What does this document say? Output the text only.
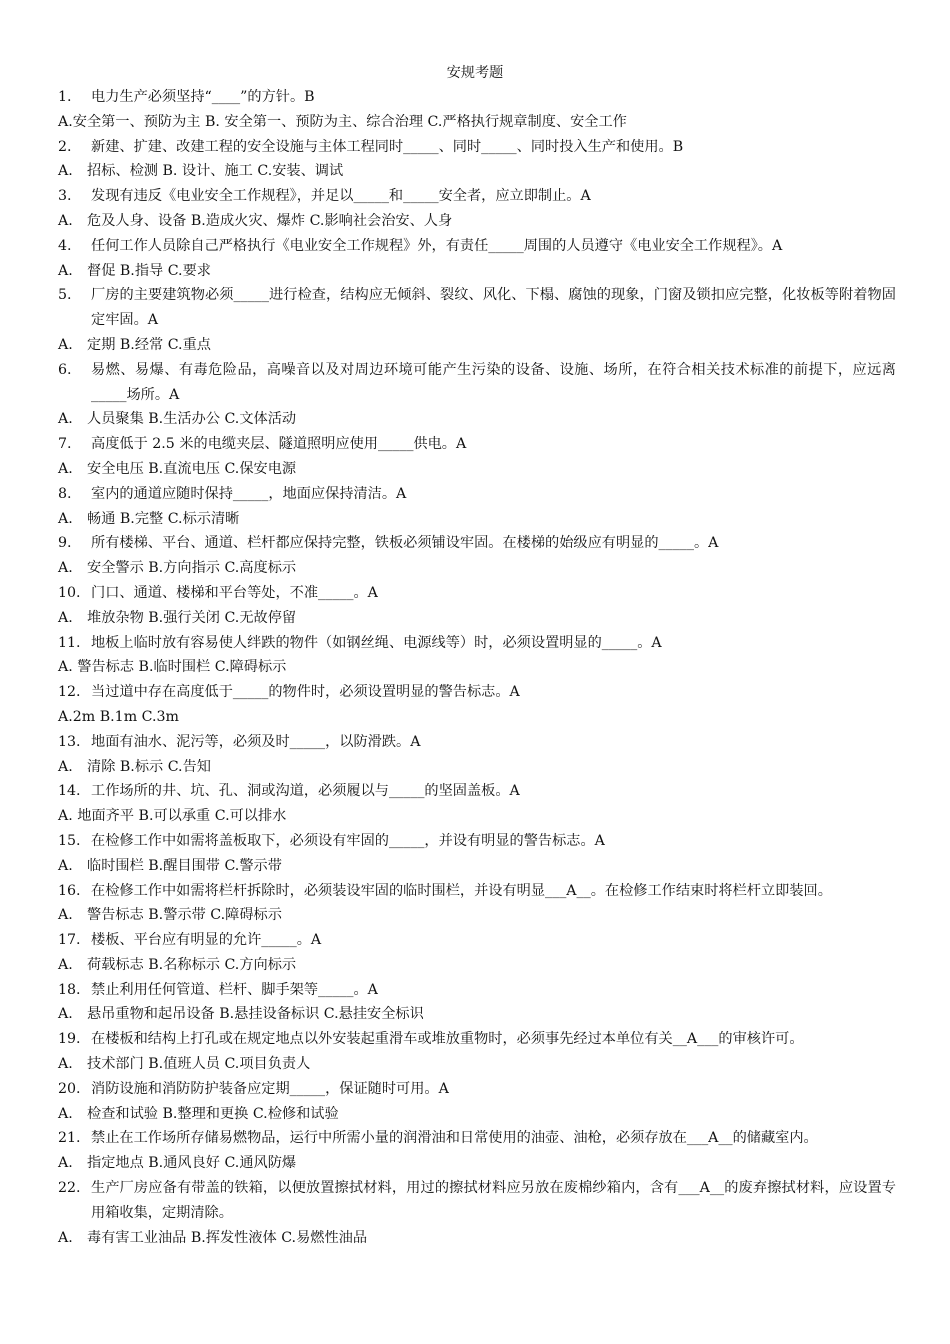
安规考题
1.	电力生产必须坚持“____”的方针。B
A.安全第一、预防为主 B. 安全第一、预防为主、综合治理 C.严格执行规章制度、安全工作
2.	新建、扩建、改建工程的安全设施与主体工程同时_____、同时_____、同时投入生产和使用。B
A. 招标、检测 B. 设计、施工 C.安装、调试
3.	发现有违反《电业安全工作规程》，并足以_____和_____安全者，应立即制止。A
A. 危及人身、设备 B.造成火灾、爆炸 C.影响社会治安、人身
4.	任何工作人员除自己严格执行《电业安全工作规程》外，有责任_____周围的人员遵守《电业安全工作规程》。A
A. 督促 B.指导 C.要求
5.	厂房的主要建筑物必须_____进行检查，结构应无倾斜、裂纹、风化、下榻、腐蚀的现象，门窗及锁扣应完整，化妆板等附着物固定牢固。A
A. 定期 B.经常 C.重点
6.	易燃、易爆、有毒危险品，高噪音以及对周边环境可能产生污染的设备、设施、场所，在符合相关技术标准的前提下，应远离_____场所。A
A. 人员聚集 B.生活办公 C.文体活动
7.	高度低于 2.5 米的电缆夹层、隧道照明应使用_____供电。A
A. 安全电压 B.直流电压 C.保安电源
8.	室内的通道应随时保持_____，地面应保持清洁。A
A. 畅通 B.完整 C.标示清晰
9.	所有楼梯、平台、通道、栏杆都应保持完整，铁板必须铺设牢固。在楼梯的始级应有明显的_____。A
A. 安全警示 B.方向指示 C.高度标示
10. 门口、通道、楼梯和平台等处，不准_____。A
A. 堆放杂物 B.强行关闭 C.无故停留
11. 地板上临时放有容易使人绊跌的物件（如钢丝绳、电源线等）时，必须设置明显的_____。A
A. 警告标志 B.临时围栏 C.障碍标示
12. 当过道中存在高度低于_____的物件时，必须设置明显的警告标志。A
A.2m B.1m C.3m
13. 地面有油水、泥污等，必须及时_____，以防滑跌。A
A. 清除 B.标示 C.告知
14. 工作场所的井、坑、孔、洞或沟道，必须履以与_____的坚固盖板。A
A. 地面齐平 B.可以承重 C.可以排水
15. 在检修工作中如需将盖板取下，必须设有牢固的_____，并设有明显的警告标志。A
A. 临时围栏 B.醒目围带 C.警示带
16. 在检修工作中如需将栏杆拆除时，必须装设牢固的临时围栏，并设有明显___A__。在检修工作结束时将栏杆立即装回。
A. 警告标志 B.警示带 C.障碍标示
17. 楼板、平台应有明显的允许_____。A
A. 荷载标志 B.名称标示 C.方向标示
18. 禁止利用任何管道、栏杆、脚手架等_____。A
A. 悬吊重物和起吊设备 B.悬挂设备标识 C.悬挂安全标识
19. 在楼板和结构上打孔或在规定地点以外安装起重滑车或堆放重物时，必须事先经过本单位有关__A___的审核许可。
A. 技术部门 B.值班人员 C.项目负责人
20. 消防设施和消防防护装备应定期_____，保证随时可用。A
A. 检查和试验 B.整理和更换 C.检修和试验
21. 禁止在工作场所存储易燃物品，运行中所需小量的润滑油和日常使用的油壶、油枪，必须存放在___A__的储藏室内。
A. 指定地点 B.通风良好 C.通风防爆
22. 生产厂房应备有带盖的铁箱，以便放置擦拭材料，用过的擦拭材料应另放在废棉纱箱内，含有___A__的废弃擦拭材料，应设置专用箱收集，定期清除。
A. 毒有害工业油品 B.挥发性液体 C.易燃性油品
